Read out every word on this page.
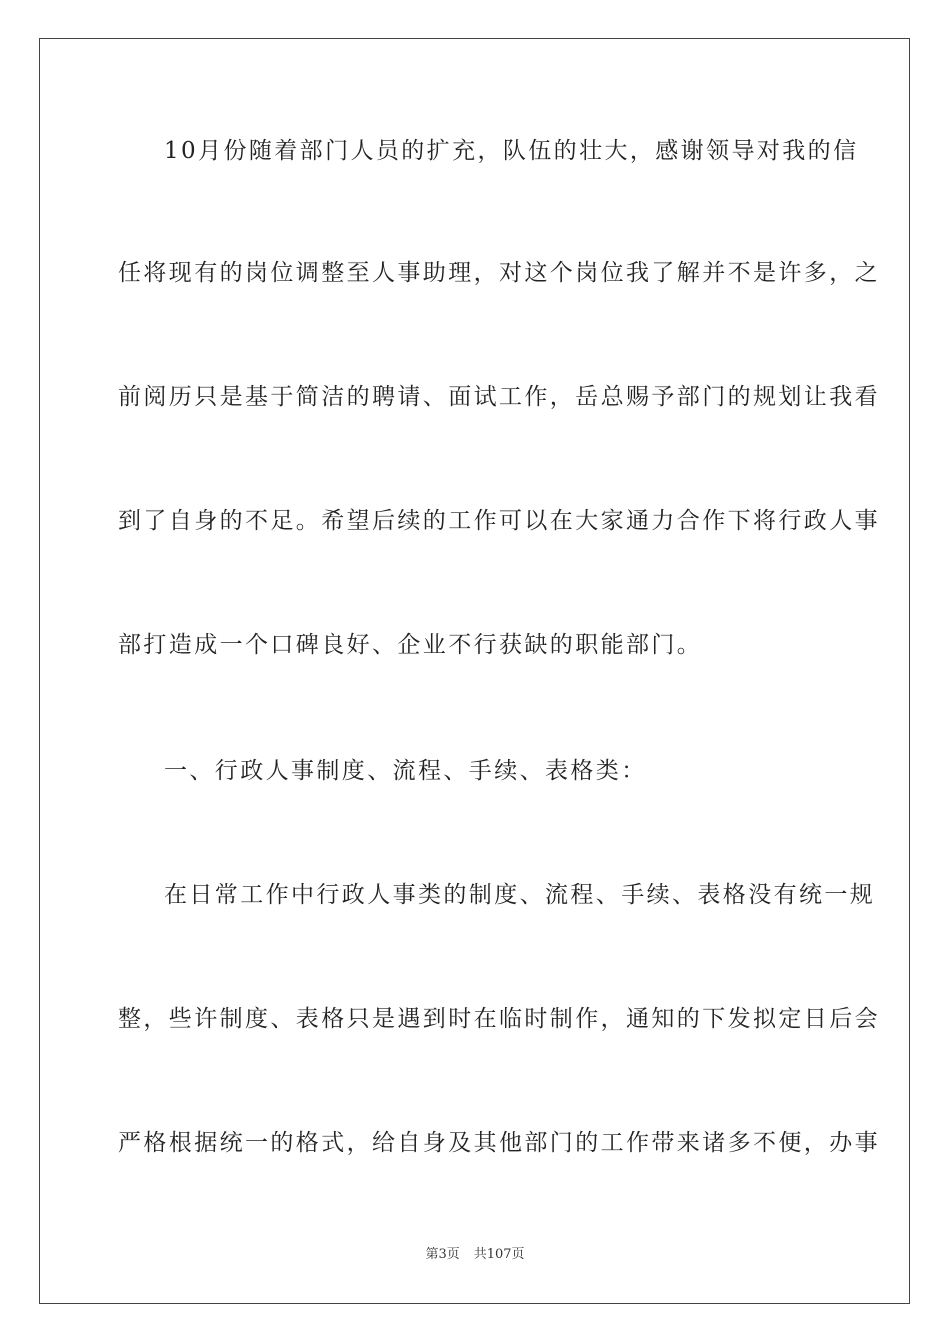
10月份随着部门人员的扩充，队伍的壮大，感谢领导对我的信

任将现有的岗位调整至人事助理，对这个岗位我了解并不是许多，之

前阅历只是基于简洁的聘请、面试工作，岳总赐予部门的规划让我看

到了自身的不足。希望后续的工作可以在大家通力合作下将行政人事

部打造成一个口碑良好、企业不行获缺的职能部门。

一、行政人事制度、流程、手续、表格类：

在日常工作中行政人事类的制度、流程、手续、表格没有统一规

整，些许制度、表格只是遇到时在临时制作，通知的下发拟定日后会

严格根据统一的格式，给自身及其他部门的工作带来诸多不便，办事

第3页 共107页
